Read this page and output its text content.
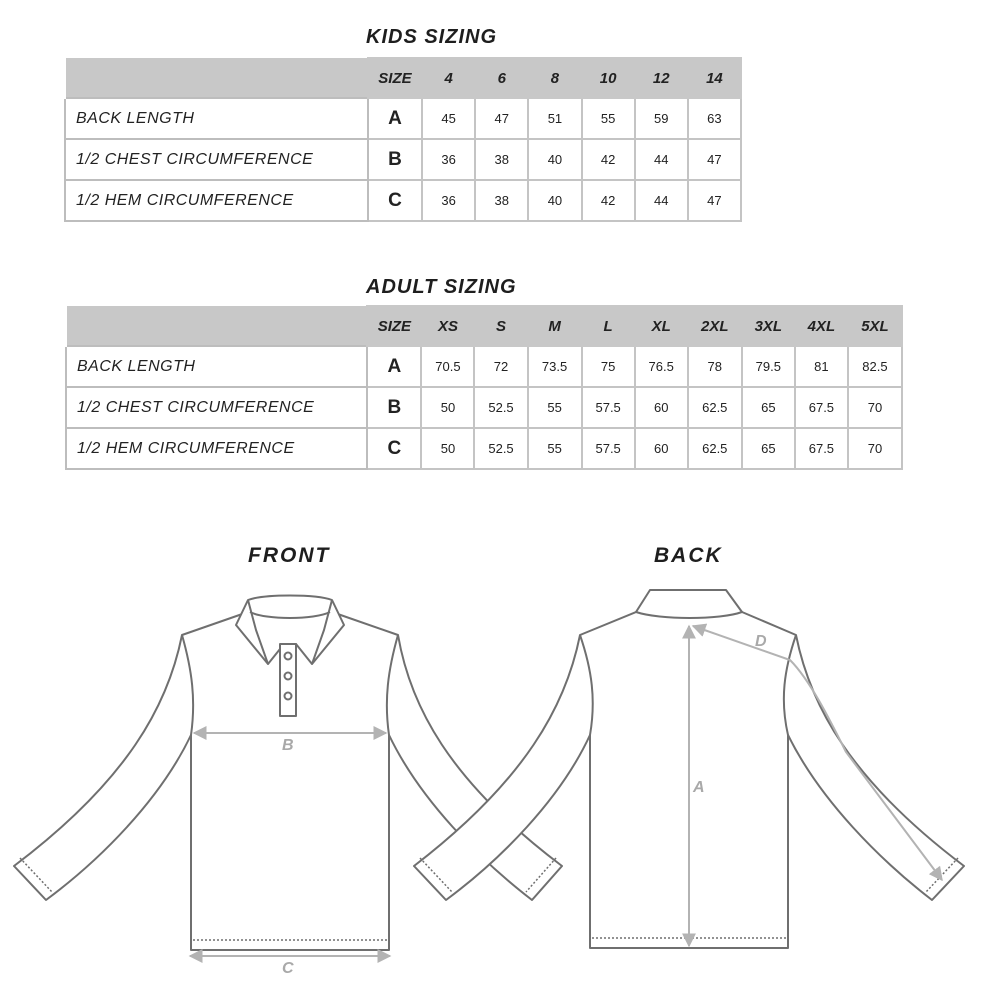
KIDS SIZING
	SIZE	4	6	8	10	12	14
BACK LENGTH	A	45	47	51	55	59	63
1/2 CHEST CIRCUMFERENCE	B	36	38	40	42	44	47
1/2 HEM CIRCUMFERENCE	C	36	38	40	42	44	47
ADULT SIZING
	SIZE	XS	S	M	L	XL	2XL	3XL	4XL	5XL
BACK LENGTH	A	70.5	72	73.5	75	76.5	78	79.5	81	82.5
1/2 CHEST CIRCUMFERENCE	B	50	52.5	55	57.5	60	62.5	65	67.5	70
1/2 HEM CIRCUMFERENCE	C	50	52.5	55	57.5	60	62.5	65	67.5	70
FRONT	BACK
B
C
A
D
